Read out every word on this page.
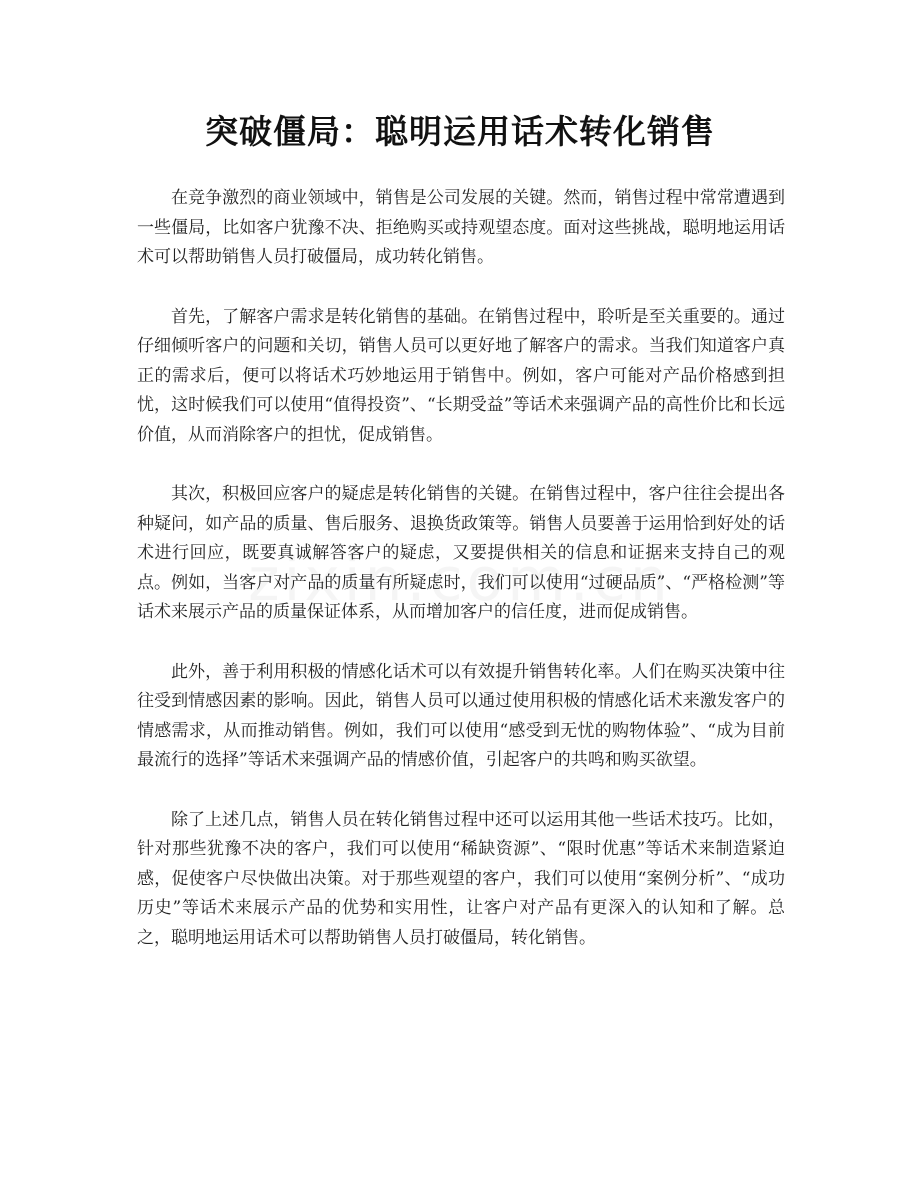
突破僵局：聪明运用话术转化销售

在竞争激烈的商业领域中，销售是公司发展的关键。然而，销售过程中常常遭遇到一些僵局，比如客户犹豫不决、拒绝购买或持观望态度。面对这些挑战，聪明地运用话术可以帮助销售人员打破僵局，成功转化销售。

首先，了解客户需求是转化销售的基础。在销售过程中，聆听是至关重要的。通过仔细倾听客户的问题和关切，销售人员可以更好地了解客户的需求。当我们知道客户真正的需求后，便可以将话术巧妙地运用于销售中。例如，客户可能对产品价格感到担忧，这时候我们可以使用“值得投资”、“长期受益”等话术来强调产品的高性价比和长远价值，从而消除客户的担忧，促成销售。

其次，积极回应客户的疑虑是转化销售的关键。在销售过程中，客户往往会提出各种疑问，如产品的质量、售后服务、退换货政策等。销售人员要善于运用恰到好处的话术进行回应，既要真诚解答客户的疑虑，又要提供相关的信息和证据来支持自己的观点。例如，当客户对产品的质量有所疑虑时，我们可以使用“过硬品质”、“严格检测”等话术来展示产品的质量保证体系，从而增加客户的信任度，进而促成销售。

此外，善于利用积极的情感化话术可以有效提升销售转化率。人们在购买决策中往往受到情感因素的影响。因此，销售人员可以通过使用积极的情感化话术来激发客户的情感需求，从而推动销售。例如，我们可以使用“感受到无忧的购物体验”、“成为目前最流行的选择”等话术来强调产品的情感价值，引起客户的共鸣和购买欲望。

除了上述几点，销售人员在转化销售过程中还可以运用其他一些话术技巧。比如，针对那些犹豫不决的客户，我们可以使用“稀缺资源”、“限时优惠”等话术来制造紧迫感，促使客户尽快做出决策。对于那些观望的客户，我们可以使用“案例分析”、“成功历史”等话术来展示产品的优势和实用性，让客户对产品有更深入的认知和了解。总之，聪明地运用话术可以帮助销售人员打破僵局，转化销售。
